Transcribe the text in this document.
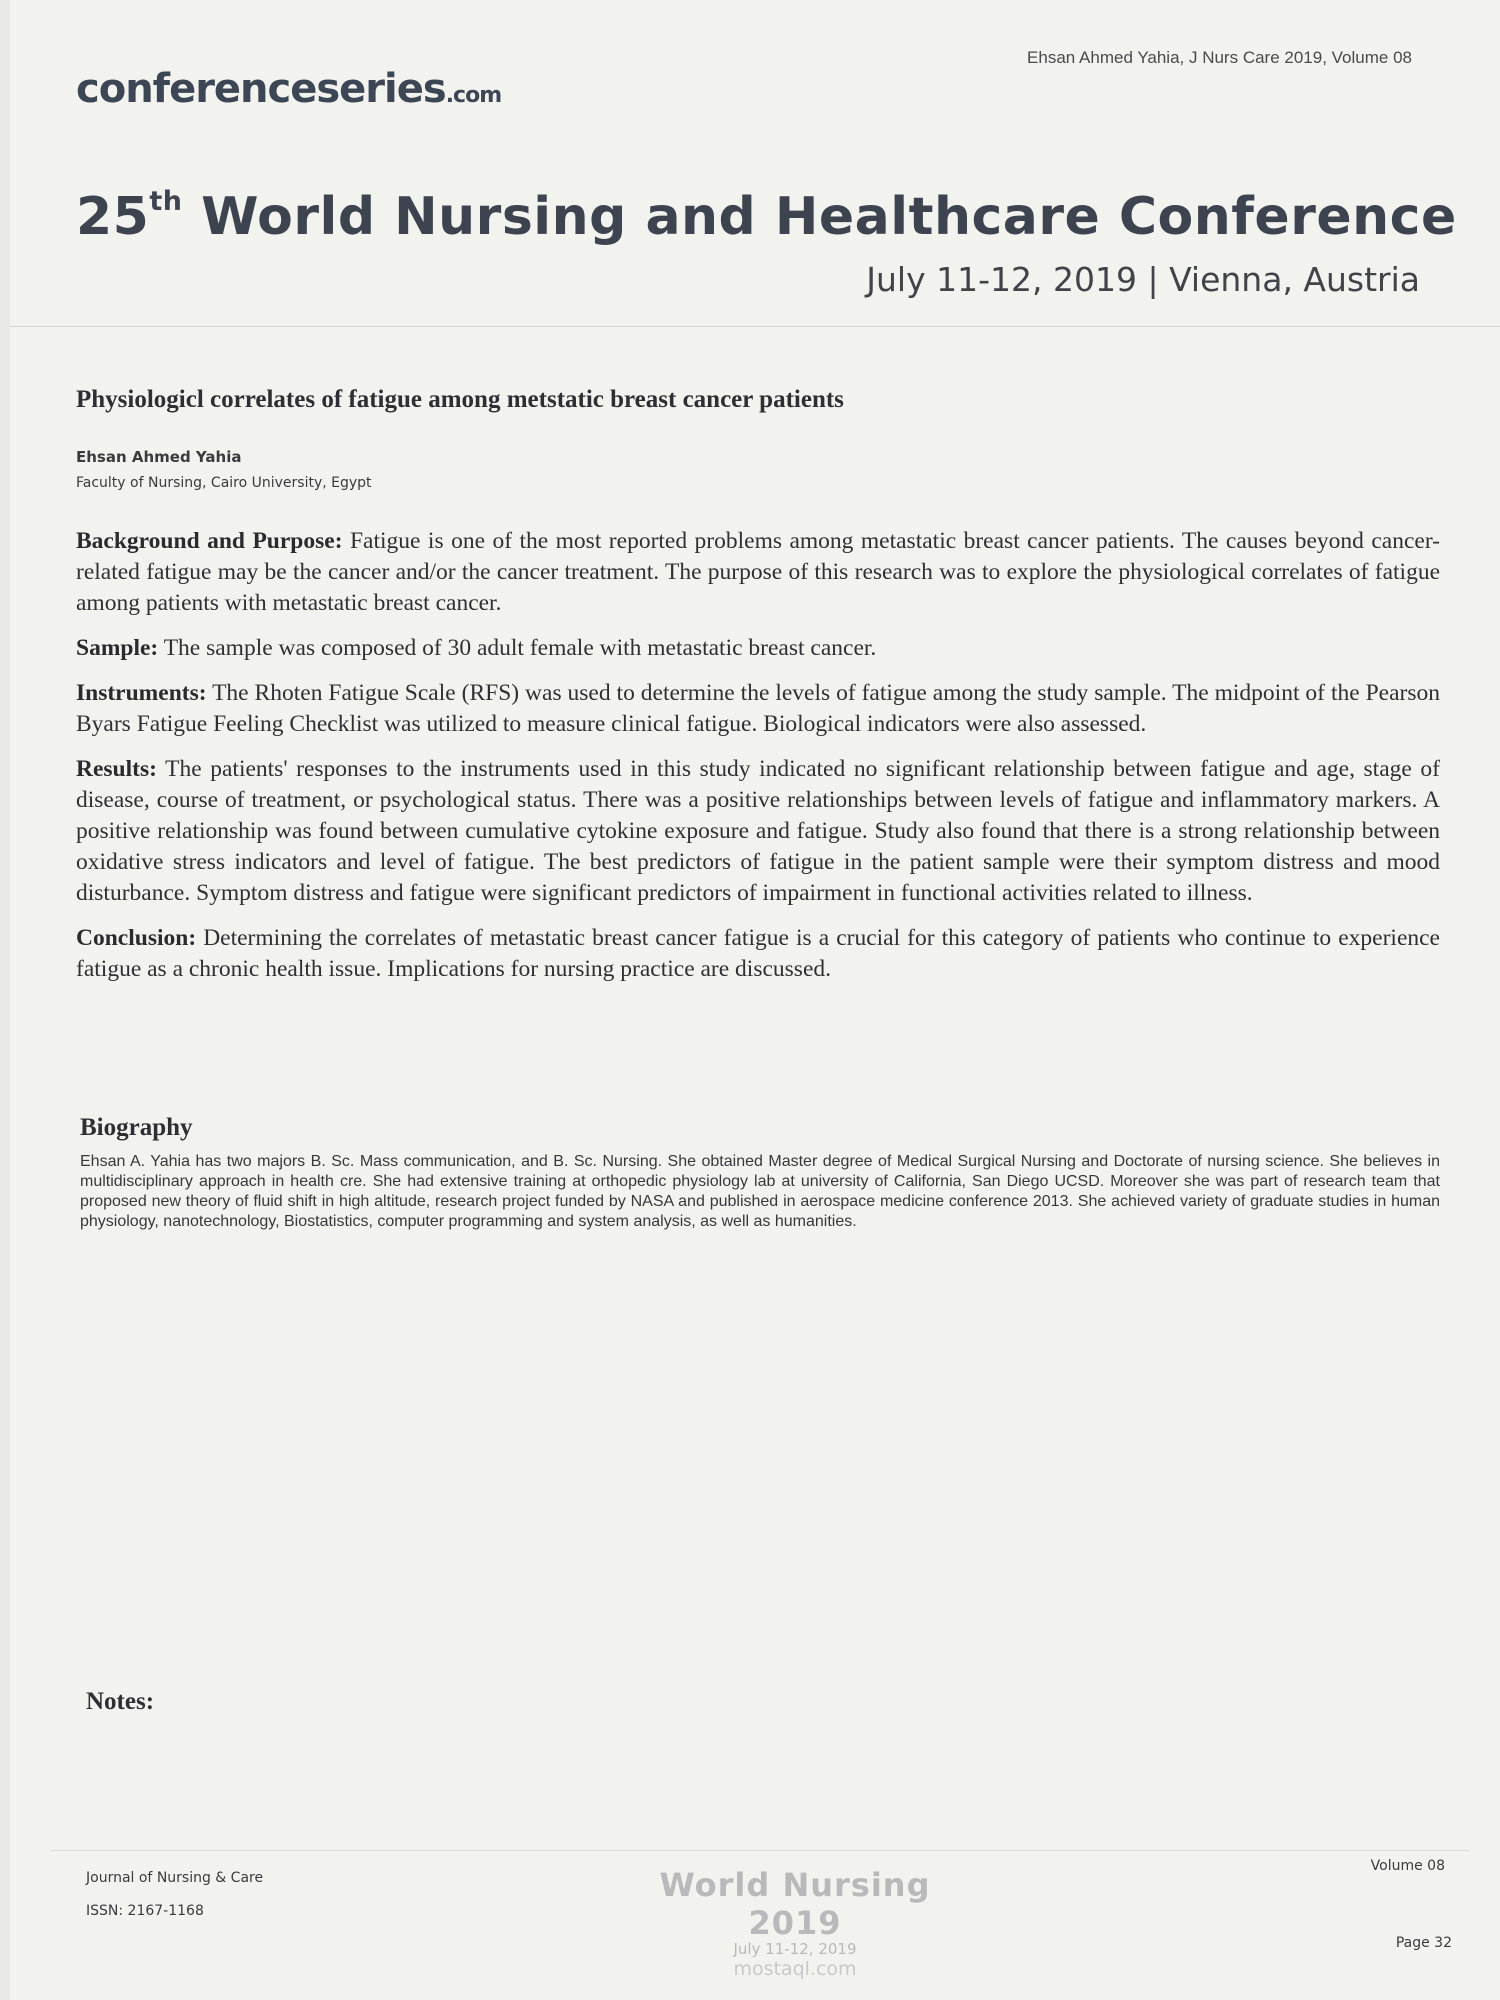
Ehsan Ahmed Yahia, J Nurs Care 2019, Volume 08
conferenceseries.com
25th World Nursing and Healthcare Conference
July 11-12, 2019 | Vienna, Austria
Physiologicl correlates of fatigue among metstatic breast cancer patients
Ehsan Ahmed Yahia
Faculty of Nursing, Cairo University, Egypt

Background and Purpose: Fatigue is one of the most reported problems among metastatic breast cancer patients. The causes beyond cancer-related fatigue may be the cancer and/or the cancer treatment. The purpose of this research was to explore the physiological correlates of fatigue among patients with metastatic breast cancer.

Sample: The sample was composed of 30 adult female with metastatic breast cancer.

Instruments: The Rhoten Fatigue Scale (RFS) was used to determine the levels of fatigue among the study sample. The midpoint of the Pearson Byars Fatigue Feeling Checklist was utilized to measure clinical fatigue. Biological indicators were also assessed.

Results: The patients' responses to the instruments used in this study indicated no significant relationship between fatigue and age, stage of disease, course of treatment, or psychological status. There was a positive relationships between levels of fatigue and inflammatory markers. A positive relationship was found between cumulative cytokine exposure and fatigue. Study also found that there is a strong relationship between oxidative stress indicators and level of fatigue. The best predictors of fatigue in the patient sample were their symptom distress and mood disturbance. Symptom distress and fatigue were significant predictors of impairment in functional activities related to illness.

Conclusion: Determining the correlates of metastatic breast cancer fatigue is a crucial for this category of patients who continue to experience fatigue as a chronic health issue. Implications for nursing practice are discussed.

Biography
Ehsan A. Yahia has two majors B. Sc. Mass communication, and B. Sc. Nursing. She obtained Master degree of Medical Surgical Nursing and Doctorate of nursing science. She believes in multidisciplinary approach in health cre. She had extensive training at orthopedic physiology lab at university of California, San Diego UCSD. Moreover she was part of research team that proposed new theory of fluid shift in high altitude, research project funded by NASA and published in aerospace medicine conference 2013. She achieved variety of graduate studies in human physiology, nanotechnology, Biostatistics, computer programming and system analysis, as well as humanities.
Notes:
Journal of Nursing & Care
ISSN: 2167-1168
World Nursing 2019
July 11-12, 2019
mostaql.com
Volume 08
Page 32
